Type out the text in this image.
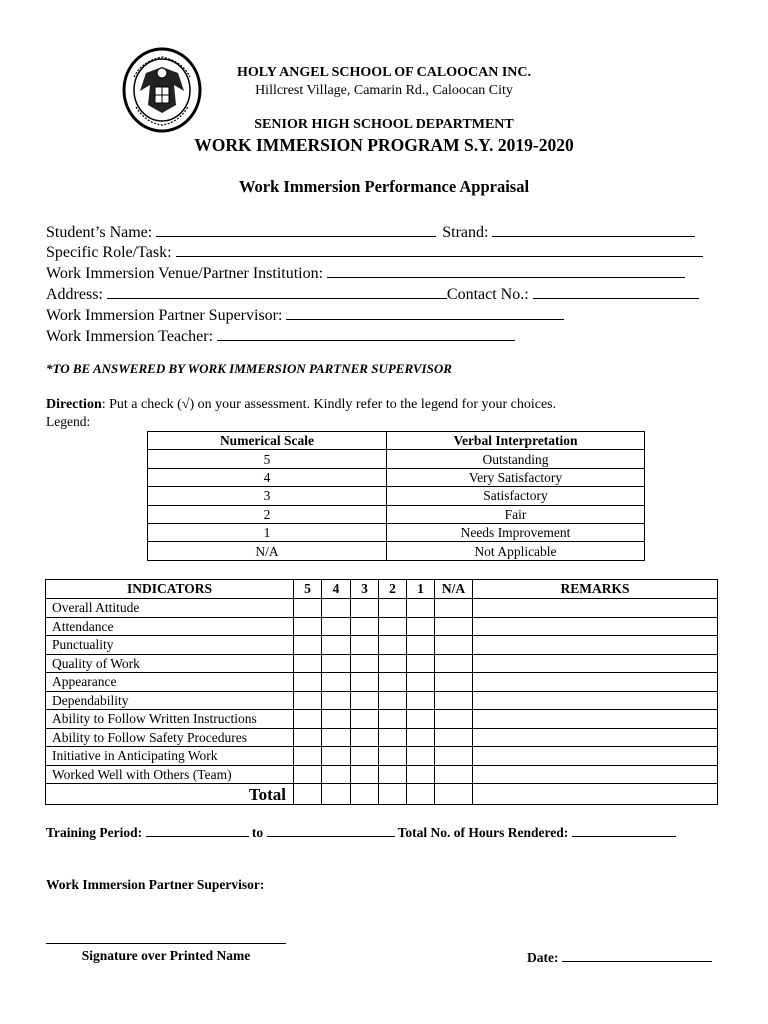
HOLY ANGEL SCHOOL OF CALOOCAN INC.
Hillcrest Village, Camarin Rd., Caloocan City
SENIOR HIGH SCHOOL DEPARTMENT
WORK IMMERSION PROGRAM S.Y. 2019-2020
Work Immersion Performance Appraisal
Student’s Name:	Strand:
Specific Role/Task:
Work Immersion Venue/Partner Institution:
Address:	Contact No.:
Work Immersion Partner Supervisor:
Work Immersion Teacher:
*TO BE ANSWERED BY WORK IMMERSION PARTNER SUPERVISOR
Direction: Put a check (√) on your assessment. Kindly refer to the legend for your choices.
Legend:
Numerical Scale	Verbal Interpretation
5	Outstanding
4	Very Satisfactory
3	Satisfactory
2	Fair
1	Needs Improvement
N/A	Not Applicable
INDICATORS	5	4	3	2	1	N/A	REMARKS
Overall Attitude							
Attendance							
Punctuality							
Quality of Work							
Appearance							
Dependability							
Ability to Follow Written Instructions							
Ability to Follow Safety Procedures							
Initiative in Anticipating Work							
Worked Well with Others (Team)							
Total							
Training Period:	to	Total No. of Hours Rendered:
Work Immersion Partner Supervisor:
Signature over Printed Name	Date:
